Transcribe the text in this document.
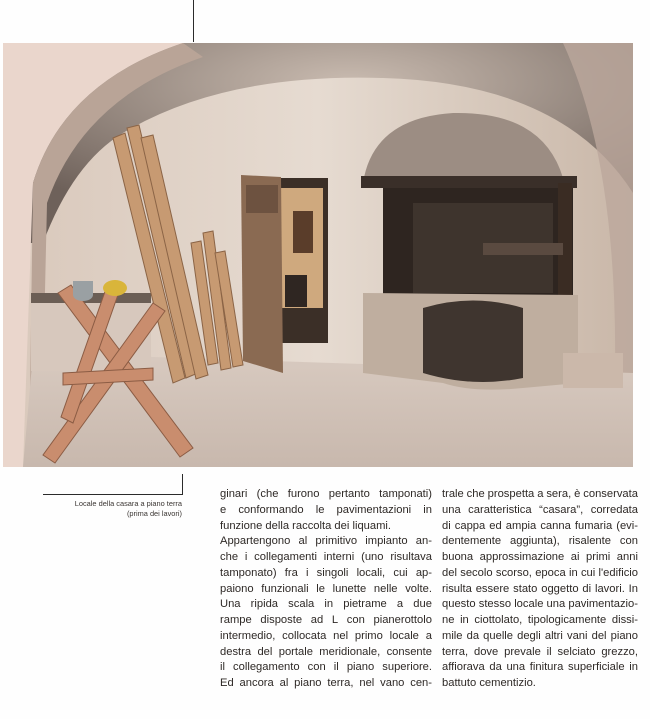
Locale della casara a piano terra
(prima dei lavori)
ginari (che furono pertanto tamponati)
e conformando le pavimentazioni in
funzione della raccolta dei liquami.
Appartengono al primitivo impianto an-
che i collegamenti interni (uno risultava
tamponato) fra i singoli locali, cui ap-
paiono funzionali le lunette nelle volte.
Una ripida scala in pietrame a due
rampe disposte ad L con pianerottolo
intermedio, collocata nel primo locale a
destra del portale meridionale, consente
il collegamento con il piano superiore.
Ed ancora al piano terra, nel vano cen-
trale che prospetta a sera, è conservata
una caratteristica “casara”, corredata
di cappa ed ampia canna fumaria (evi-
dentemente aggiunta), risalente con
buona approssimazione ai primi anni
del secolo scorso, epoca in cui l'edificio
risulta essere stato oggetto di lavori. In
questo stesso locale una pavimentazio-
ne in ciottolato, tipologicamente dissi-
mile da quelle degli altri vani del piano
terra, dove prevale il selciato grezzo,
affiorava da una finitura superficiale in
battuto cementizio.
